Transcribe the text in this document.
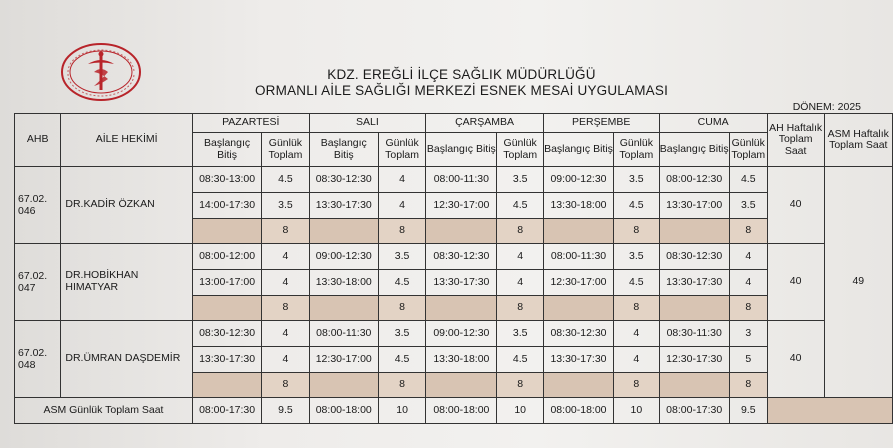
KDZ. EREĞLİ İLÇE SAĞLIK MÜDÜRLÜĞÜ
ORMANLI AİLE SAĞLIĞI MERKEZİ ESNEK MESAİ UYGULAMASI
DÖNEM: 2025
AHB	AİLE HEKİMİ	PAZARTESİ		SALI		ÇARŞAMBA		PERŞEMBE		CUMA		AH Haftalık Toplam Saat	ASM Haftalık Toplam Saat
		Başlangıç Bitiş	Günlük Toplam	Başlangıç Bitiş	Günlük Toplam	Başlangıç Bitiş	Günlük Toplam	Başlangıç Bitiş	Günlük Toplam	Başlangıç Bitiş	Günlük Toplam		
67.02. 046	DR.KADİR ÖZKAN	08:30-13:00	4.5	08:30-12:30	4	08:00-11:30	3.5	09:00-12:30	3.5	08:00-12:30	4.5	40	49
		14:00-17:30	3.5	13:30-17:30	4	12:30-17:00	4.5	13:30-18:00	4.5	13:30-17:00	3.5		
			8		8		8		8		8		
67.02. 047	DR.HOBİKHAN HIMATYAR	08:00-12:00	4	09:00-12:30	3.5	08:30-12:30	4	08:00-11:30	3.5	08:30-12:30	4	40	
		13:00-17:00	4	13:30-18:00	4.5	13:30-17:30	4	12:30-17:00	4.5	13:30-17:30	4		
			8		8		8		8		8		
67.02. 048	DR.ÜMRAN DAŞDEMİR	08:30-12:30	4	08:00-11:30	3.5	09:00-12:30	3.5	08:30-12:30	4	08:30-11:30	3	40	
		13:30-17:30	4	12:30-17:00	4.5	13:30-18:00	4.5	13:30-17:30	4	12:30-17:30	5		
			8		8		8		8		8		
ASM Günlük Toplam Saat		08:00-17:30	9.5	08:00-18:00	10	08:00-18:00	10	08:00-18:00	10	08:00-17:30	9.5		
